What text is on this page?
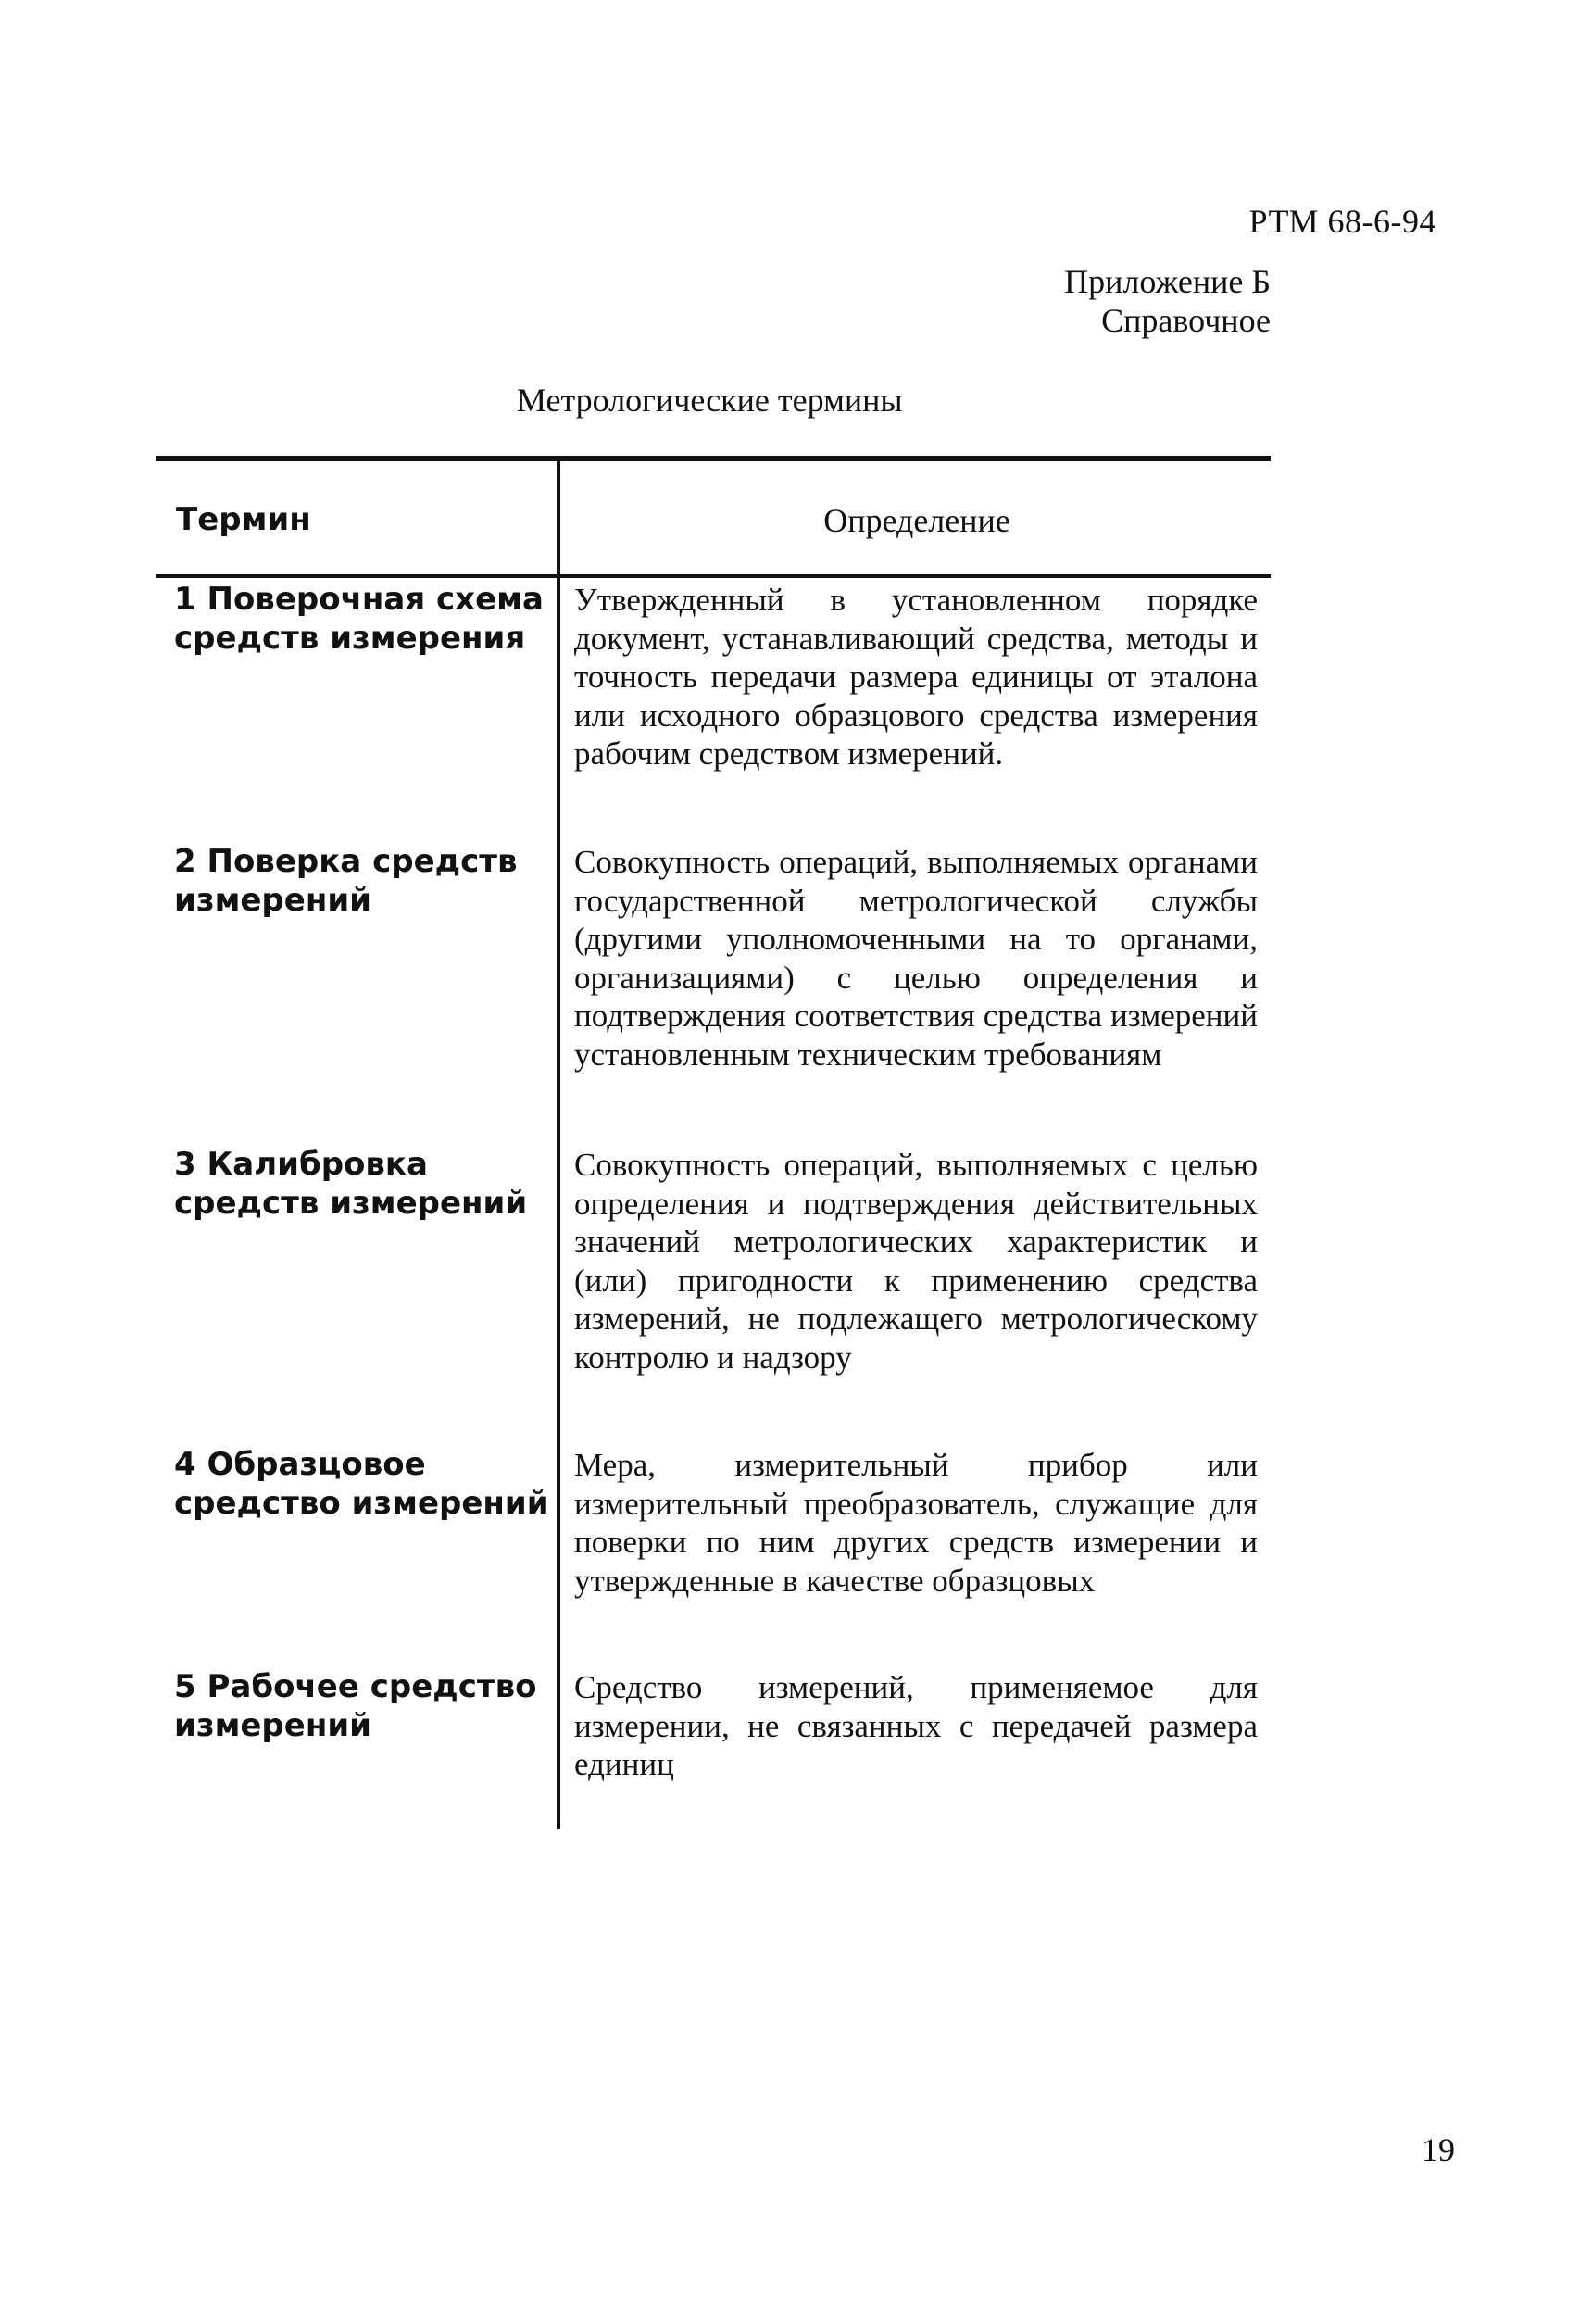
РТМ 68-6-94
Приложение Б
Справочное
Метрологические термины
Термин	Определение
1 Поверочная схема средств измерения
Утвержденный в установленном порядке документ, устанавливающий средства, методы и точность передачи размера единицы от эталона или исходного образцового средства измерения рабочим средством измерений.
2 Поверка средств измерений
Совокупность операций, выполняемых органами государственной метрологической службы (другими уполномоченными на то органами, организациями) с целью определения и подтверждения соответствия средства измерений установленным техническим требованиям
3 Калибровка средств измерений
Совокупность операций, выполняемых с целью определения и подтверждения действительных значений метрологических характеристик и (или) пригодности к применению средства измерений, не подлежащего метрологическому контролю и надзору
4 Образцовое средство измерений
Мера, измерительный прибор или измерительный преобразователь, служащие для поверки по ним других средств измерении и утвержденные в качестве образцовых
5 Рабочее средство измерений
Средство измерений, применяемое для измерении, не связанных с передачей размера единиц
19
